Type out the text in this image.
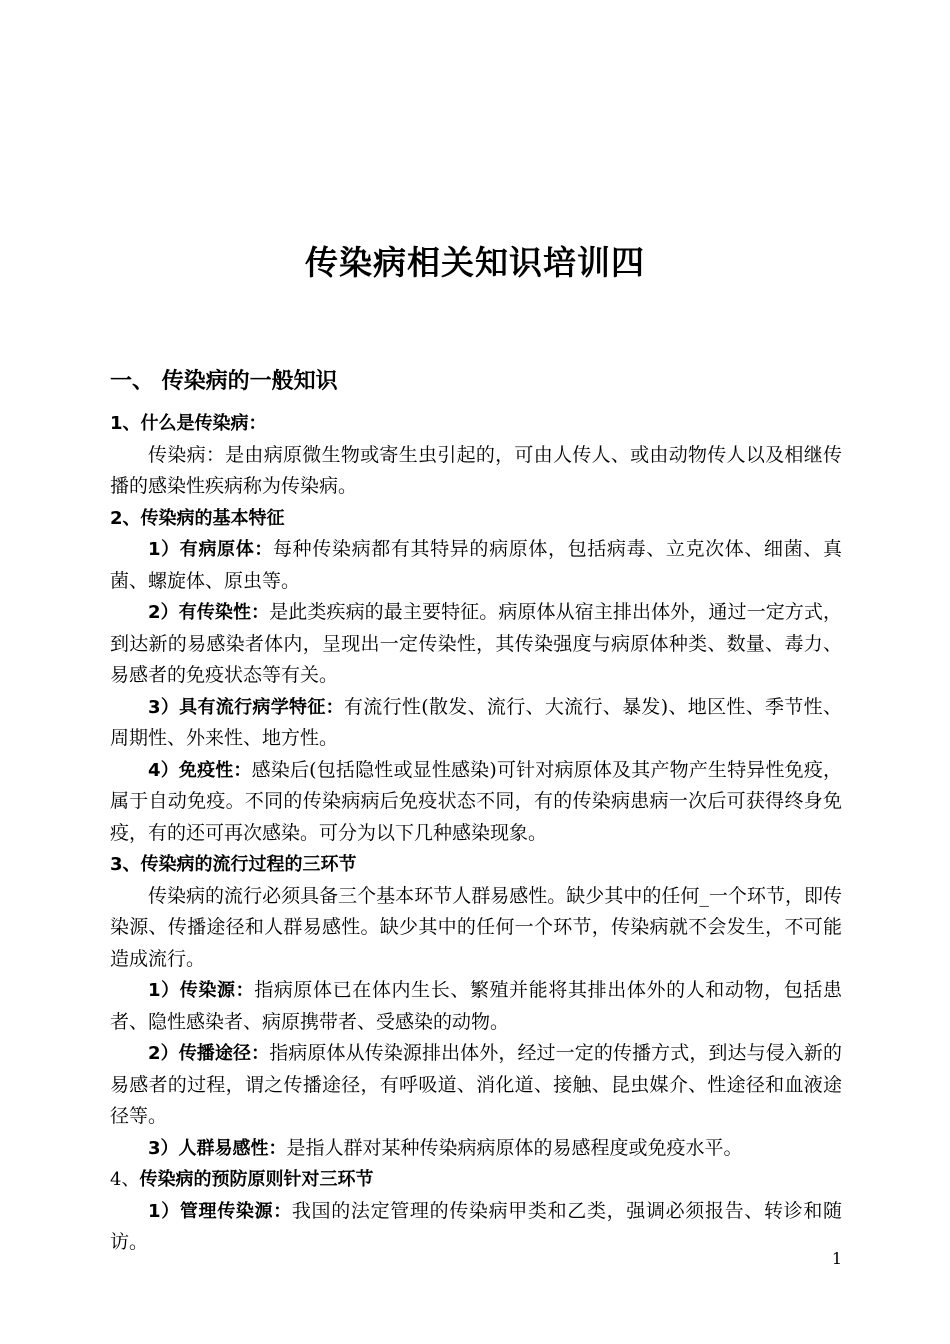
传染病相关知识培训四
一、 传染病的一般知识
1、什么是传染病：

传染病：是由病原微生物或寄生虫引起的，可由人传人、或由动物传人以及相继传播的感染性疾病称为传染病。

2、传染病的基本特征

1）有病原体：每种传染病都有其特异的病原体，包括病毒、立克次体、细菌、真菌、螺旋体、原虫等。

2）有传染性：是此类疾病的最主要特征。病原体从宿主排出体外，通过一定方式，到达新的易感染者体内，呈现出一定传染性，其传染强度与病原体种类、数量、毒力、易感者的免疫状态等有关。

3）具有流行病学特征：有流行性(散发、流行、大流行、暴发)、地区性、季节性、周期性、外来性、地方性。

4）免疫性：感染后(包括隐性或显性感染)可针对病原体及其产物产生特异性免疫，属于自动免疫。不同的传染病病后免疫状态不同，有的传染病患病一次后可获得终身免疫，有的还可再次感染。可分为以下几种感染现象。

3、传染病的流行过程的三环节

传染病的流行必须具备三个基本环节人群易感性。缺少其中的任何_一个环节，即传染源、传播途径和人群易感性。缺少其中的任何一个环节，传染病就不会发生，不可能造成流行。

1）传染源：指病原体已在体内生长、繁殖并能将其排出体外的人和动物，包括患者、隐性感染者、病原携带者、受感染的动物。

2）传播途径：指病原体从传染源排出体外，经过一定的传播方式，到达与侵入新的易感者的过程，谓之传播途径，有呼吸道、消化道、接触、昆虫媒介、性途径和血液途径等。

3）人群易感性：是指人群对某种传染病病原体的易感程度或免疫水平。

4、传染病的预防原则针对三环节

1）管理传染源：我国的法定管理的传染病甲类和乙类，强调必须报告、转诊和随访。

1
